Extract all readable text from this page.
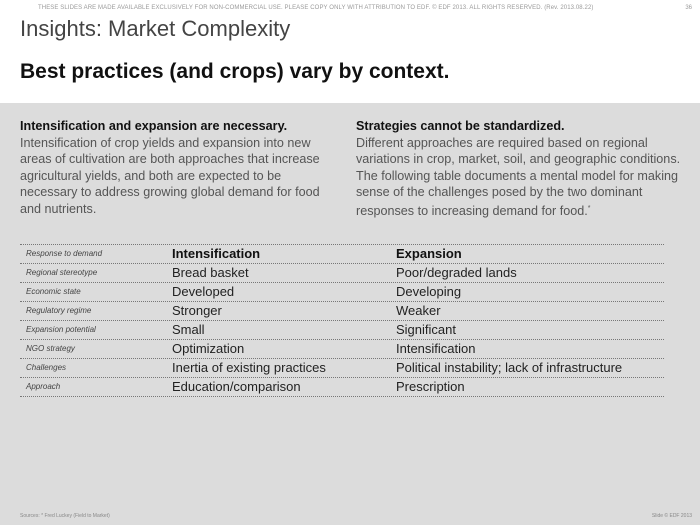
THESE SLIDES ARE MADE AVAILABLE EXCLUSIVELY FOR NON-COMMERCIAL USE. PLEASE COPY ONLY WITH ATTRIBUTION TO EDF. © EDF 2013. ALL RIGHTS RESERVED. (Rev. 2013.08.22)	36
Insights: Market Complexity
Best practices (and crops) vary by context.
Intensification and expansion are necessary.
Intensification of crop yields and expansion into new areas of cultivation are both approaches that increase agricultural yields, and both are expected to be necessary to address growing global demand for food and nutrients.
Strategies cannot be standardized.
Different approaches are required based on regional variations in crop, market, soil, and geographic conditions. The following table documents a mental model for making sense of the challenges posed by the two dominant responses to increasing demand for food.*
Response to demand	Intensification	Expansion
Regional stereotype	Bread basket	Poor/degraded lands
Economic state	Developed	Developing
Regulatory regime	Stronger	Weaker
Expansion potential	Small	Significant
NGO strategy	Optimization	Intensification
Challenges	Inertia of existing practices	Political instability; lack of infrastructure
Approach	Education/comparison	Prescription
Sources: * Fred Luckey (Field to Market)	Slide © EDF 2013
